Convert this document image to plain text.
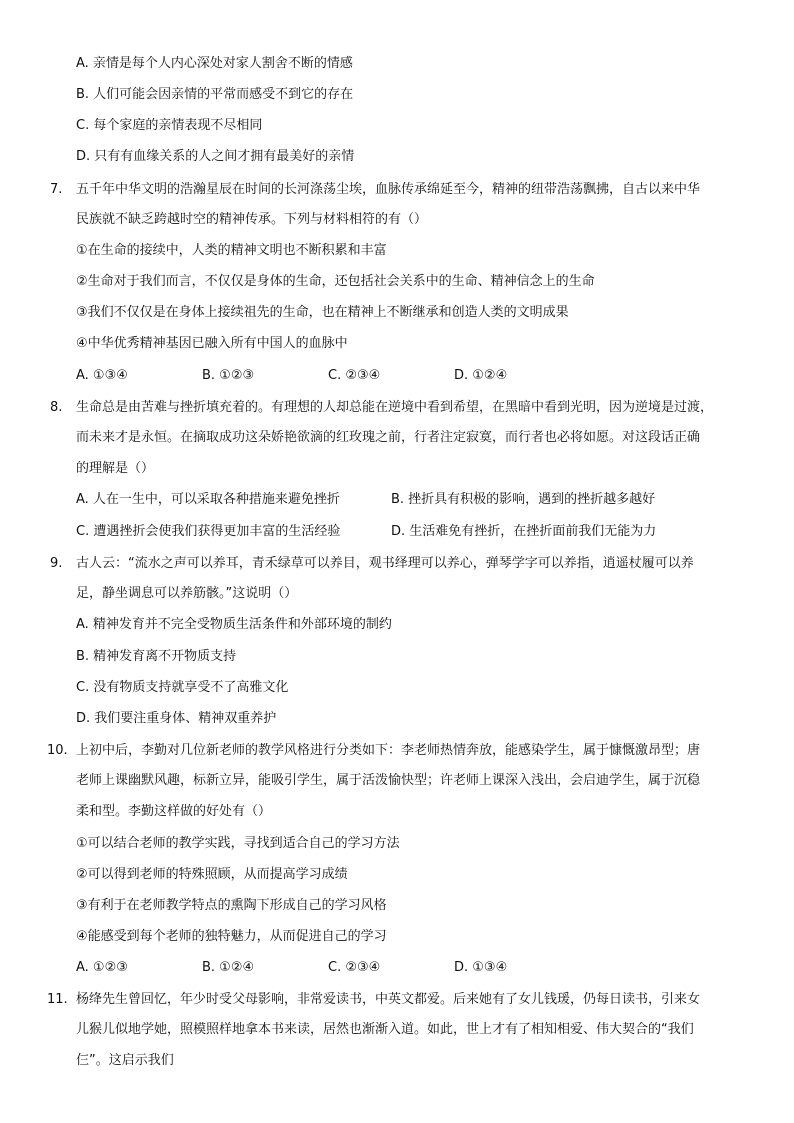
A. 亲情是每个人内心深处对家人割舍不断的情感
B. 人们可能会因亲情的平常而感受不到它的存在
C. 每个家庭的亲情表现不尽相同
D. 只有有血缘关系的人之间才拥有最美好的亲情
7. 五千年中华文明的浩瀚星辰在时间的长河涤荡尘埃，血脉传承绵延至今，精神的纽带浩荡飘拂，自古以来中华
民族就不缺乏跨越时空的精神传承。下列与材料相符的有（）
①在生命的接续中，人类的精神文明也不断积累和丰富
②生命对于我们而言，不仅仅是身体的生命，还包括社会关系中的生命、精神信念上的生命
③我们不仅仅是在身体上接续祖先的生命，也在精神上不断继承和创造人类的文明成果
④中华优秀精神基因已融入所有中国人的血脉中
A. ①③④	B. ①②③	C. ②③④	D. ①②④
8. 生命总是由苦难与挫折填充着的。有理想的人却总能在逆境中看到希望，在黑暗中看到光明，因为逆境是过渡，
而未来才是永恒。在摘取成功这朵娇艳欲滴的红玫瑰之前，行者注定寂寞，而行者也必将如愿。对这段话正确
的理解是（）
A. 人在一生中，可以采取各种措施来避免挫折	B. 挫折具有积极的影响，遇到的挫折越多越好
C. 遭遇挫折会使我们获得更加丰富的生活经验	D. 生活难免有挫折，在挫折面前我们无能为力
9. 古人云：“流水之声可以养耳，青禾绿草可以养目，观书绎理可以养心，弹琴学字可以养指，逍遥杖履可以养
足，静坐调息可以养筋骸。”这说明（）
A. 精神发育并不完全受物质生活条件和外部环境的制约
B. 精神发育离不开物质支持
C. 没有物质支持就享受不了高雅文化
D. 我们要注重身体、精神双重养护
10. 上初中后，李勤对几位新老师的教学风格进行分类如下：李老师热情奔放，能感染学生，属于慷慨激昂型；唐
老师上课幽默风趣，标新立异，能吸引学生，属于活泼愉快型；许老师上课深入浅出，会启迪学生，属于沉稳
柔和型。李勤这样做的好处有（）
①可以结合老师的教学实践，寻找到适合自己的学习方法
②可以得到老师的特殊照顾，从而提高学习成绩
③有利于在老师教学特点的熏陶下形成自己的学习风格
④能感受到每个老师的独特魅力，从而促进自己的学习
A. ①②③	B. ①②④	C. ②③④	D. ①③④
11. 杨绛先生曾回忆，年少时受父母影响，非常爱读书，中英文都爱。后来她有了女儿钱瑗，仍每日读书，引来女
儿猴儿似地学她，照模照样地拿本书来读，居然也渐渐入道。如此，世上才有了相知相爱、伟大契合的“我们
仨”。这启示我们
